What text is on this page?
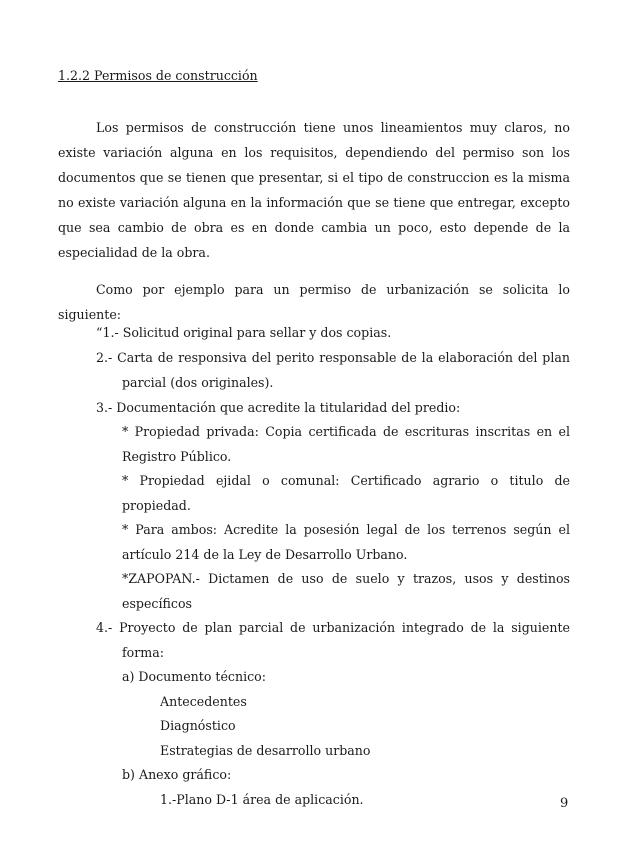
1.2.2 Permisos de construcción

Los permisos de construcción tiene unos lineamientos muy claros, no existe variación alguna en los requisitos, dependiendo del permiso son los documentos que se tienen que presentar, si el tipo de construccion es la misma no existe variación alguna en la información que se tiene que entregar, excepto que sea cambio de obra es en donde cambia un poco, esto depende de la especialidad de la obra.

Como por ejemplo para un permiso de urbanización se solicita lo siguiente:

“1.- Solicitud original para sellar y dos copias.
2.- Carta de responsiva del perito responsable de la elaboración del plan
parcial (dos originales).
3.- Documentación que acredite la titularidad del predio:
* Propiedad privada: Copia certificada de escrituras inscritas en el
Registro Público.
* Propiedad ejidal o comunal: Certificado agrario o titulo de
propiedad.
* Para ambos: Acredite la posesión legal de los terrenos según el
artículo 214 de la Ley de Desarrollo Urbano.
*ZAPOPAN.- Dictamen de uso de suelo y trazos, usos y destinos
específicos
4.- Proyecto de plan parcial de urbanización integrado de la siguiente
forma:
a) Documento técnico:
Antecedentes
Diagnóstico
Estrategias de desarrollo urbano
b) Anexo gráfico:
1.-Plano D-1 área de aplicación.	9
